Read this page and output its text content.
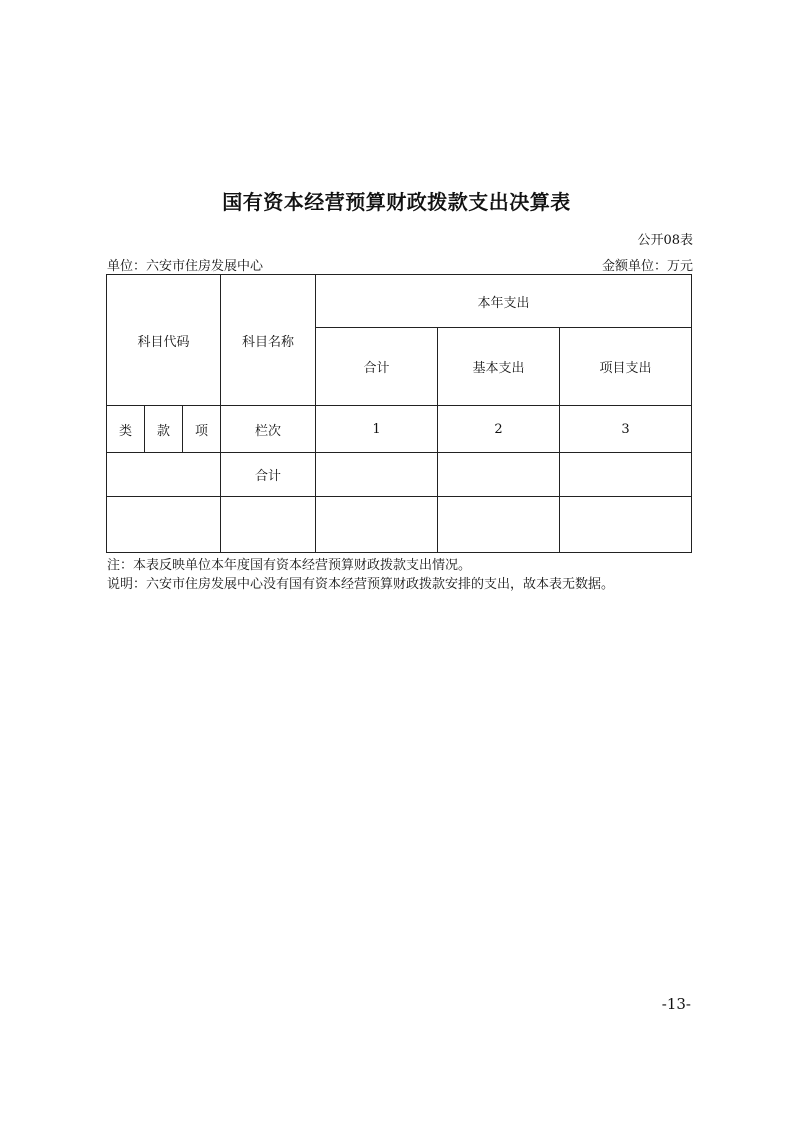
国有资本经营预算财政拨款支出决算表
公开08表
单位：六安市住房发展中心	金额单位：万元
科目代码			科目名称	本年支出		
				合计	基本支出	项目支出
类	款	项	栏次	1	2	3
			合计			

注：本表反映单位本年度国有资本经营预算财政拨款支出情况。
说明：六安市住房发展中心没有国有资本经营预算财政拨款安排的支出，故本表无数据。
-13-
